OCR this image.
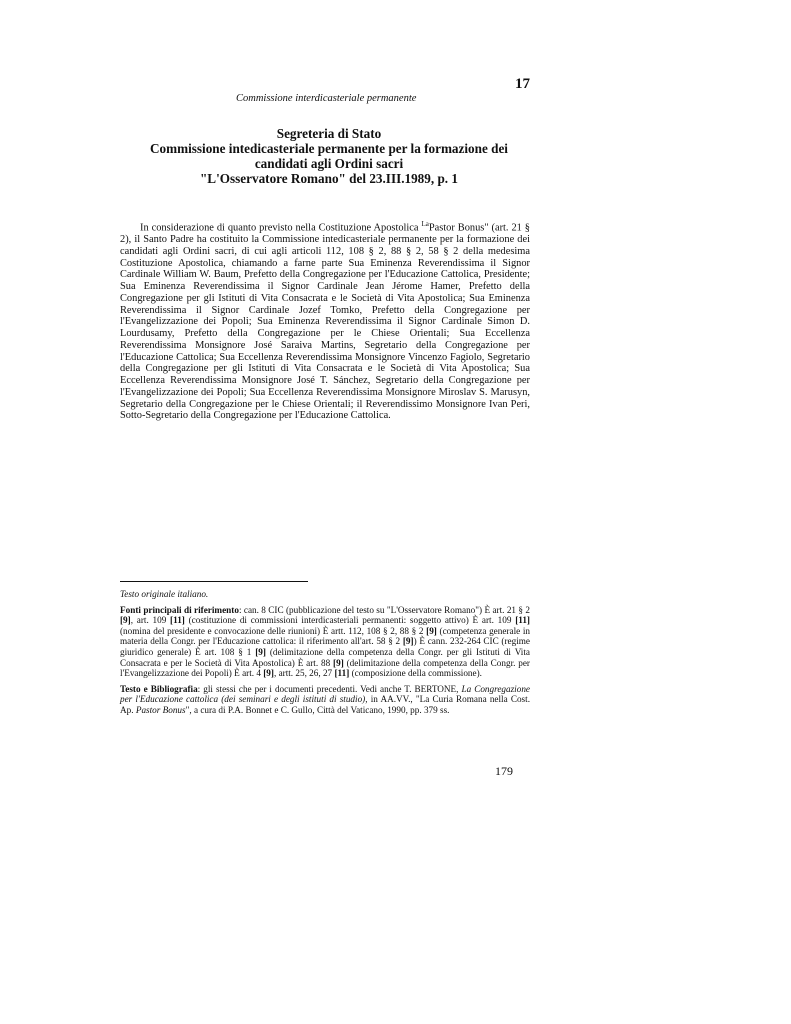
17
Commissione interdicasteriale permanente
Segreteria di Stato
Commissione intedicasteriale permanente per la formazione dei
candidati agli Ordini sacri
"L'Osservatore Romano" del 23.III.1989, p. 1

In considerazione di quanto previsto nella Costituzione Apostolica $^{La}$Pastor Bonus" (art. 21 § 2), il Santo Padre ha costituito la Commissione intedicasteriale permanente per la formazione dei candidati agli Ordini sacri, di cui agli articoli 112, 108 § 2, 88 § 2, 58 § 2 della medesima Costituzione Apostolica, chiamando a farne parte Sua Eminenza Reverendissima il Signor Cardinale William W. Baum, Prefetto della Congregazione per l'Educazione Cattolica, Presidente; Sua Eminenza Reverendissima il Signor Cardinale Jean Jérome Hamer, Prefetto della Congregazione per gli Istituti di Vita Consacrata e le Società di Vita Apostolica; Sua Eminenza Reverendissima il Signor Cardinale Jozef Tomko, Prefetto della Congregazione per l'Evangelizzazione dei Popoli; Sua Eminenza Reverendissima il Signor Cardinale Simon D. Lourdusamy, Prefetto della Congregazione per le Chiese Orientali; Sua Eccellenza Reverendissima Monsignore José Saraiva Martins, Segretario della Congregazione per l'Educazione Cattolica; Sua Eccellenza Reverendissima Monsignore Vincenzo Fagiolo, Segretario della Congregazione per gli Istituti di Vita Consacrata e le Società di Vita Apostolica; Sua Eccellenza Reverendissima Monsignore José T. Sánchez, Segretario della Congregazione per l'Evangelizzazione dei Popoli; Sua Eccellenza Reverendissima Monsignore Miroslav S. Marusyn, Segretario della Congregazione per le Chiese Orientali; il Reverendissimo Monsignore Ivan Peri, Sotto-Segretario della Congregazione per l'Educazione Cattolica.

Testo originale italiano.

Fonti principali di riferimento: can. 8 CIC (pubblicazione del testo su "L'Osservatore Romano") È art. 21 § 2 [9], art. 109 [11] (costituzione di commissioni interdicasteriali permanenti: soggetto attivo) È art. 109 [11] (nomina del presidente e convocazione delle riunioni) È artt. 112, 108 § 2, 88 § 2 [9] (competenza generale in materia della Congr. per l'Educazione cattolica: il riferimento all'art. 58 § 2 [9]) È cann. 232-264 CIC (regime giuridico generale) È art. 108 § 1 [9] (delimitazione della competenza della Congr. per gli Istituti di Vita Consacrata e per le Società di Vita Apostolica) È art. 88 [9] (delimitazione della competenza della Congr. per l'Evangelizzazione dei Popoli) È art. 4 [9], artt. 25, 26, 27 [11] (composizione della commissione).

Testo e Bibliografia: gli stessi che per i documenti precedenti. Vedi anche T. BERTONE, La Congregazione per l'Educazione cattolica (dei seminari e degli istituti di studio), in AA.VV., "La Curia Romana nella Cost. Ap. Pastor Bonus", a cura di P.A. Bonnet e C. Gullo, Città del Vaticano, 1990, pp. 379 ss.

179
